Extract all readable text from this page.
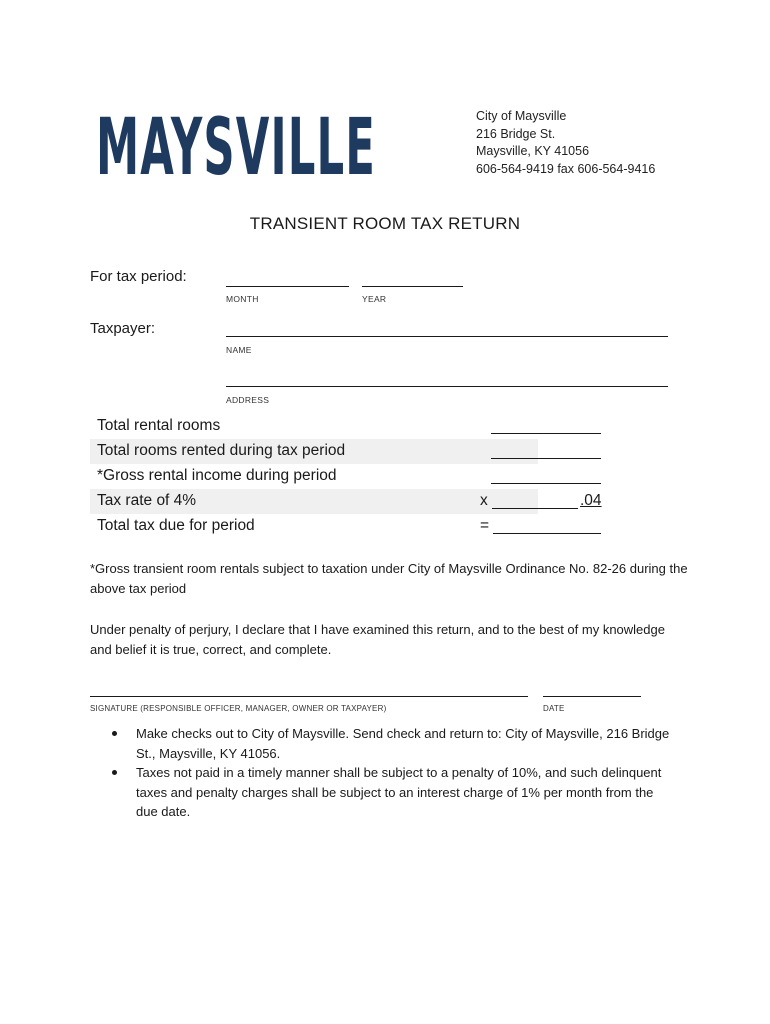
MAYSVILLE	City of Maysville
216 Bridge St.
Maysville, KY 41056
606-564-9419 fax 606-564-9416
TRANSIENT ROOM TAX RETURN
For tax period:
MONTH	YEAR
Taxpayer:
NAME
ADDRESS
Total rental rooms
Total rooms rented during tax period
*Gross rental income during period
Tax rate of 4%	x	.04
Total tax due for period	=
*Gross transient room rentals subject to taxation under City of Maysville Ordinance No. 82-26 during the above tax period
Under penalty of perjury, I declare that I have examined this return, and to the best of my knowledge and belief it is true, correct, and complete.
SIGNATURE (RESPONSIBLE OFFICER, MANAGER, OWNER OR TAXPAYER)	DATE
Make checks out to City of Maysville. Send check and return to: City of Maysville, 216 Bridge St., Maysville, KY 41056.
Taxes not paid in a timely manner shall be subject to a penalty of 10%, and such delinquent taxes and penalty charges shall be subject to an interest charge of 1% per month from the due date.
